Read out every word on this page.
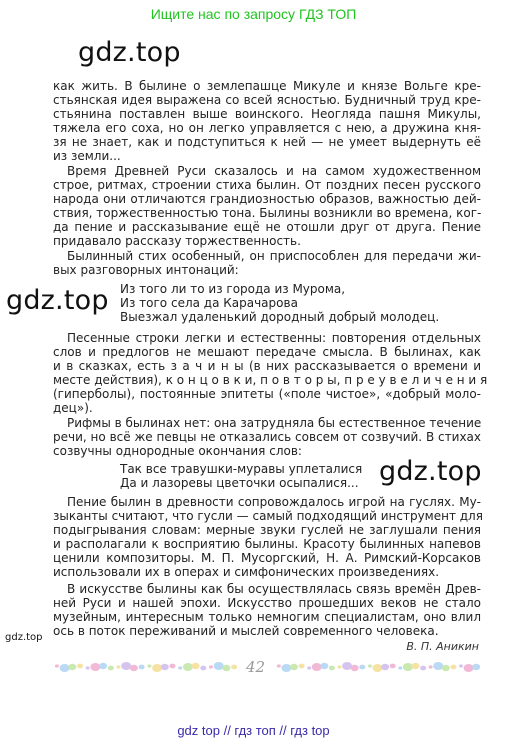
Ищите нас по запросу ГДЗ ТОП
gdz.top
gdz.top
gdz.top
как жить. В былине о землепашце Микуле и князе Вольге кре-
стьянская идея выражена со всей ясностью. Будничный труд кре-
стьянина поставлен выше воинского. Неогляда пашня Микулы,
тяжела его соха, но он легко управляется с нею, а дружина кня-
зя не знает, как и подступиться к ней — не умеет выдернуть её
из земли...
Время Древней Руси сказалось и на самом художественном
строе, ритмах, строении стиха былин. От поздних песен русского
народа они отличаются грандиозностью образов, важностью дей-
ствия, торжественностью тона. Былины возникли во времена, ког-
да пение и рассказывание ещё не отошли друг от друга. Пение
придавало рассказу торжественность.
Былинный стих особенный, он приспособлен для передачи жи-
вых разговорных интонаций:
Из того ли то из города из Мурома,
Из того села да Карачарова
Выезжал удаленький дородный добрый молодец.
Песенные строки легки и естественны: повторения отдельных
слов и предлогов не мешают передаче смысла. В былинах, как
и в сказках, есть з а ч и н ы (в них рассказывается о времени и
месте действия), к о н ц о в к и, п о в т о р ы, п р е у в е л и ч е н и я
(гиперболы), постоянные эпитеты («поле чистое», «добрый моло-
дец»).
Рифмы в былинах нет: она затрудняла бы естественное течение
речи, но всё же певцы не отказались совсем от созвучий. В стихах
созвучны однородные окончания слов:
Так все травушки-муравы уплеталися
Да и лазоревы цветочки осыпалися...
Пение былин в древности сопровождалось игрой на гуслях. Му-
зыканты считают, что гусли — самый подходящий инструмент для
подыгрывания словам: мерные звуки гуслей не заглушали пения
и располагали к восприятию былины. Красоту былинных напевов
ценили композиторы. М. П. Мусоргский, Н. А. Римский-Корсаков
использовали их в операх и симфонических произведениях.
В искусстве былины как бы осуществлялась связь времён Древ-
ней Руси и нашей эпохи. Искусство прошедших веков не стало
музейным, интересным только немногим специалистам, оно влил
ось в поток переживаний и мыслей современного человека.
gdz.top
В. П. Аникин
42
gdz top // гдз топ // гдз top
